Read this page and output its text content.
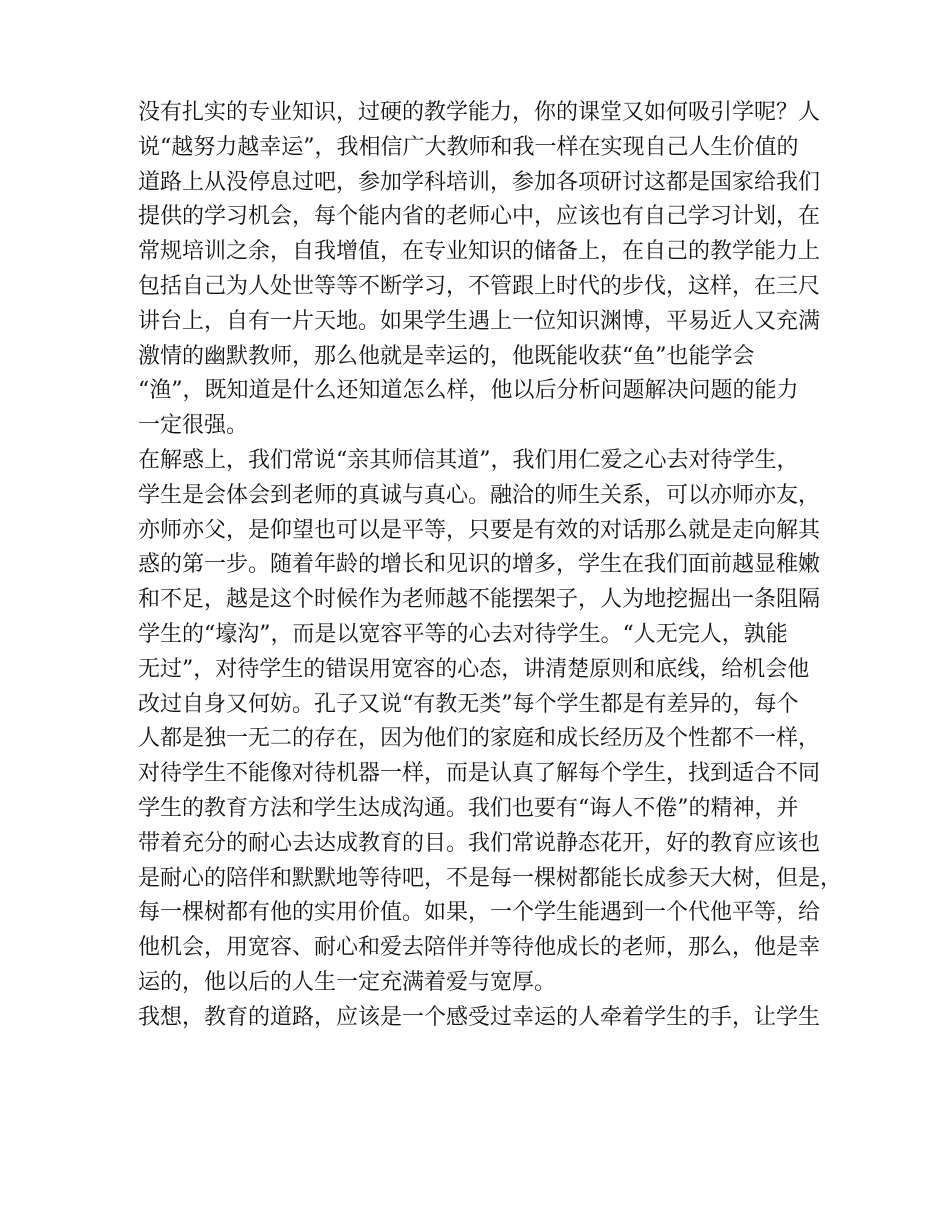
没有扎实的专业知识，过硬的教学能力，你的课堂又如何吸引学呢？人
说“越努力越幸运”，我相信广大教师和我一样在实现自己人生价值的
道路上从没停息过吧，参加学科培训，参加各项研讨这都是国家给我们
提供的学习机会，每个能内省的老师心中，应该也有自己学习计划，在
常规培训之余，自我增值，在专业知识的储备上，在自己的教学能力上
包括自己为人处世等等不断学习，不管跟上时代的步伐，这样，在三尺
讲台上，自有一片天地。如果学生遇上一位知识渊博，平易近人又充满
激情的幽默教师，那么他就是幸运的，他既能收获“鱼”也能学会
“渔”，既知道是什么还知道怎么样，他以后分析问题解决问题的能力
一定很强。
在解惑上，我们常说“亲其师信其道”，我们用仁爱之心去对待学生，
学生是会体会到老师的真诚与真心。融洽的师生关系，可以亦师亦友，
亦师亦父，是仰望也可以是平等，只要是有效的对话那么就是走向解其
惑的第一步。随着年龄的增长和见识的增多，学生在我们面前越显稚嫩
和不足，越是这个时候作为老师越不能摆架子，人为地挖掘出一条阻隔
学生的“壕沟”，而是以宽容平等的心去对待学生。“人无完人，孰能
无过”，对待学生的错误用宽容的心态，讲清楚原则和底线，给机会他
改过自身又何妨。孔子又说“有教无类”每个学生都是有差异的，每个
人都是独一无二的存在，因为他们的家庭和成长经历及个性都不一样，
对待学生不能像对待机器一样，而是认真了解每个学生，找到适合不同
学生的教育方法和学生达成沟通。我们也要有“诲人不倦”的精神，并
带着充分的耐心去达成教育的目。我们常说静态花开，好的教育应该也
是耐心的陪伴和默默地等待吧，不是每一棵树都能长成参天大树，但是，
每一棵树都有他的实用价值。如果，一个学生能遇到一个代他平等，给
他机会，用宽容、耐心和爱去陪伴并等待他成长的老师，那么，他是幸
运的，他以后的人生一定充满着爱与宽厚。
我想，教育的道路，应该是一个感受过幸运的人牵着学生的手，让学生
